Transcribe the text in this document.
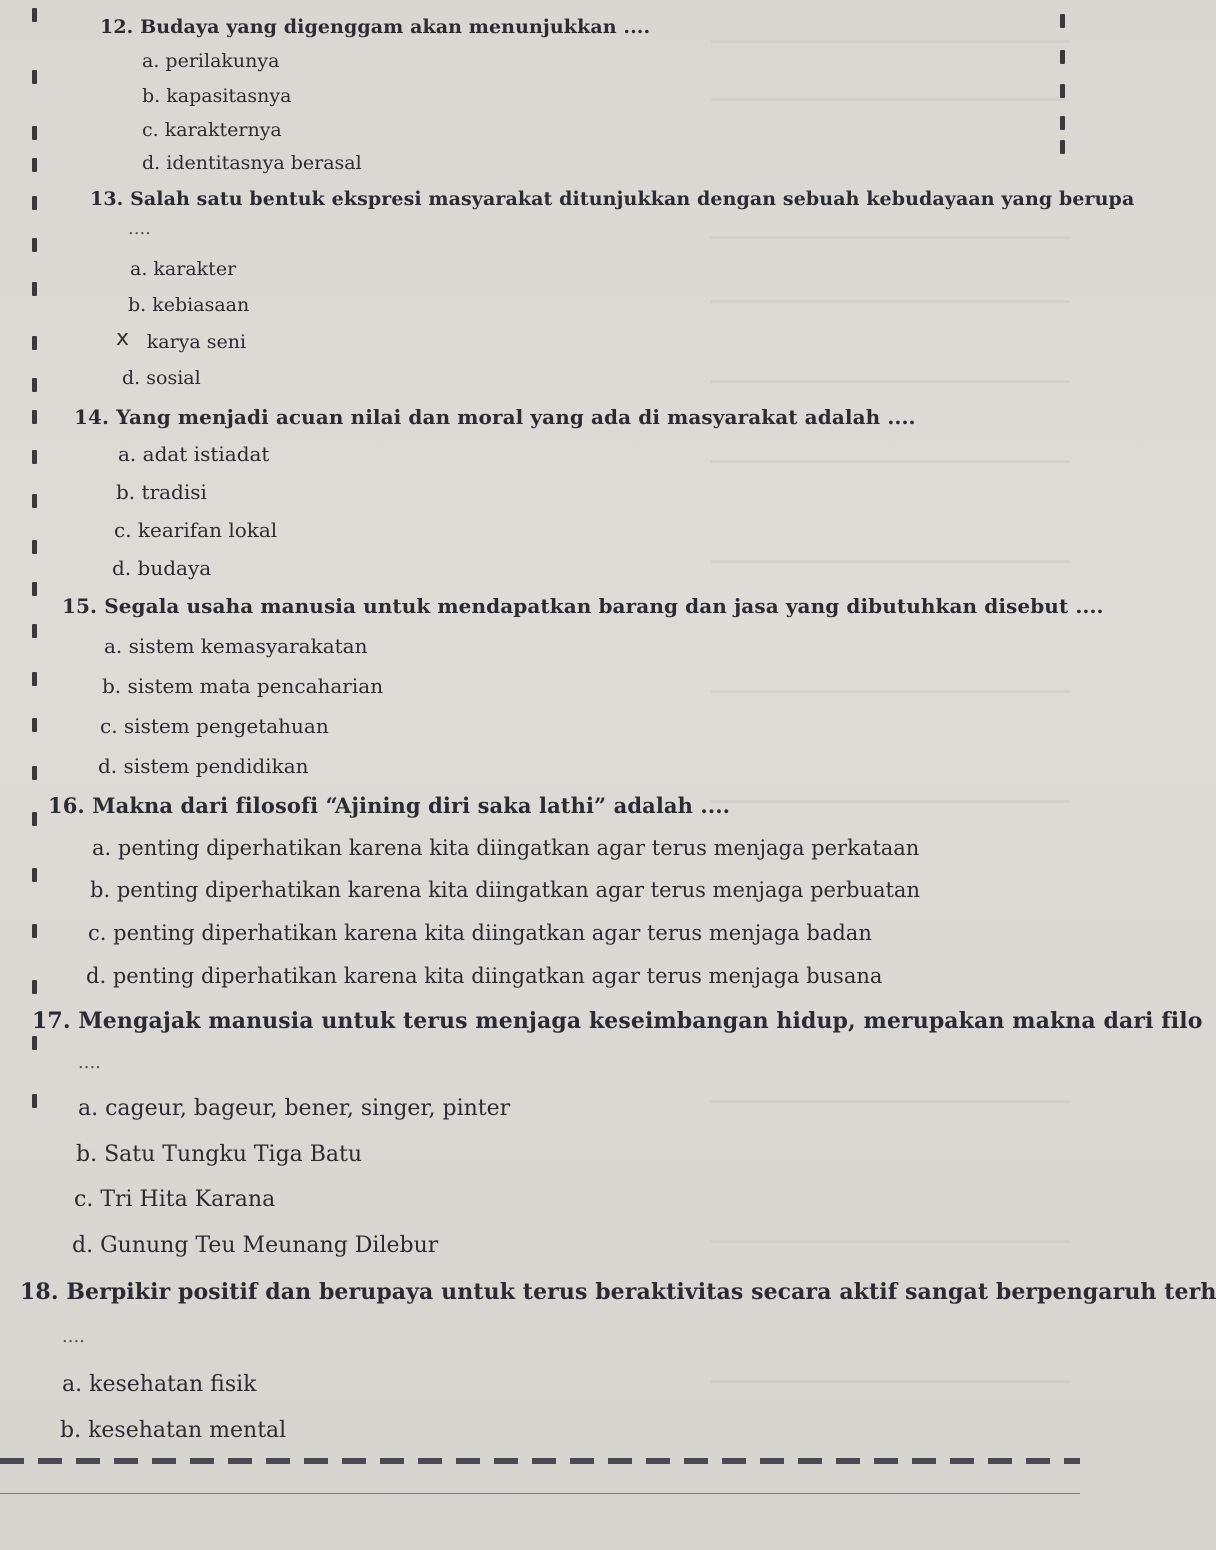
12. Budaya yang digenggam akan menunjukkan ....
a. perilakunya
b. kapasitasnya
c. karakternya
d. identitasnya berasal
13. Salah satu bentuk ekspresi masyarakat ditunjukkan dengan sebuah kebudayaan yang berupa
....
a. karakter
b. kebiasaan
karya seni
x
d. sosial
14. Yang menjadi acuan nilai dan moral yang ada di masyarakat adalah ....
a. adat istiadat
b. tradisi
c. kearifan lokal
d. budaya
15. Segala usaha manusia untuk mendapatkan barang dan jasa yang dibutuhkan disebut ....
a. sistem kemasyarakatan
b. sistem mata pencaharian
c. sistem pengetahuan
d. sistem pendidikan
16. Makna dari filosofi “Ajining diri saka lathi” adalah ....
a. penting diperhatikan karena kita diingatkan agar terus menjaga perkataan
b. penting diperhatikan karena kita diingatkan agar terus menjaga perbuatan
c. penting diperhatikan karena kita diingatkan agar terus menjaga badan
d. penting diperhatikan karena kita diingatkan agar terus menjaga busana
17. Mengajak manusia untuk terus menjaga keseimbangan hidup, merupakan makna dari filo
....
a. cageur, bageur, bener, singer, pinter
b. Satu Tungku Tiga Batu
c. Tri Hita Karana
d. Gunung Teu Meunang Dilebur
18. Berpikir positif dan berupaya untuk terus beraktivitas secara aktif sangat berpengaruh terh
....
a. kesehatan fisik
b. kesehatan mental
